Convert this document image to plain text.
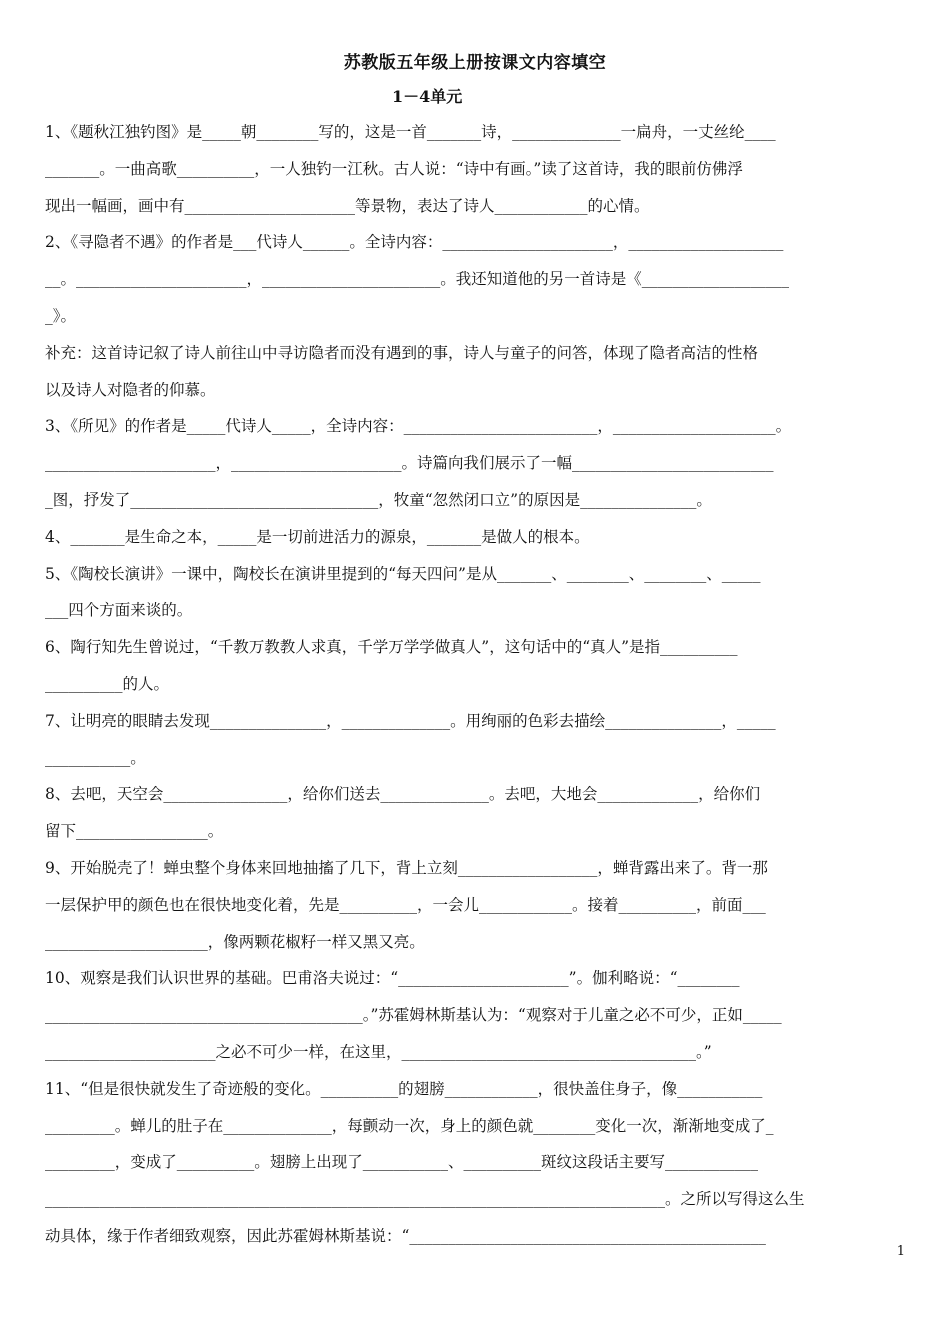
苏教版五年级上册按课文内容填空
1－4单元
1、《题秋江独钓图》是_____朝________写的，这是一首_______诗，______________一扁舟，一丈丝纶____
_______。一曲高歌__________，一人独钓一江秋。古人说：“诗中有画。”读了这首诗，我的眼前仿佛浮
现出一幅画，画中有______________________等景物，表达了诗人____________的心情。
2、《寻隐者不遇》的作者是___代诗人______。全诗内容：______________________，____________________
__。______________________，_______________________。我还知道他的另一首诗是《___________________
_》。
补充：这首诗记叙了诗人前往山中寻访隐者而没有遇到的事，诗人与童子的问答，体现了隐者高洁的性格
以及诗人对隐者的仰慕。
3、《所见》的作者是_____代诗人_____，全诗内容：_________________________，_____________________。
______________________，______________________。诗篇向我们展示了一幅__________________________
_图，抒发了________________________________，牧童“忽然闭口立”的原因是_______________。
4、_______是生命之本，_____是一切前进活力的源泉，_______是做人的根本。
5、《陶校长演讲》一课中，陶校长在演讲里提到的“每天四问”是从_______、________、________、_____
___四个方面来谈的。
6、陶行知先生曾说过，“千教万教教人求真，千学万学学做真人”，这句话中的“真人”是指__________
__________的人。
7、让明亮的眼睛去发现_______________，______________。用绚丽的色彩去描绘_______________，_____
___________。
8、去吧，天空会________________，给你们送去______________。去吧，大地会_____________，给你们
留下_________________。
9、开始脱壳了！蝉虫整个身体来回地抽搐了几下，背上立刻__________________，蝉背露出来了。背一那
一层保护甲的颜色也在很快地变化着，先是__________，一会儿____________。接着__________，前面___
_____________________，像两颗花椒籽一样又黑又亮。
10、观察是我们认识世界的基础。巴甫洛夫说过：“______________________”。伽利略说：“________
_________________________________________。”苏霍姆林斯基认为：“观察对于儿童之必不可少，正如_____
______________________之必不可少一样，在这里，______________________________________。”
11、“但是很快就发生了奇迹般的变化。__________的翅膀____________，很快盖住身子，像___________
_________。蝉儿的肚子在______________，每颤动一次，身上的颜色就________变化一次，渐渐地变成了_
_________，变成了__________。翅膀上出现了___________、__________斑纹这段话主要写____________
________________________________________________________________________________。之所以写得这么生
动具体，缘于作者细致观察，因此苏霍姆林斯基说：“______________________________________________
1
